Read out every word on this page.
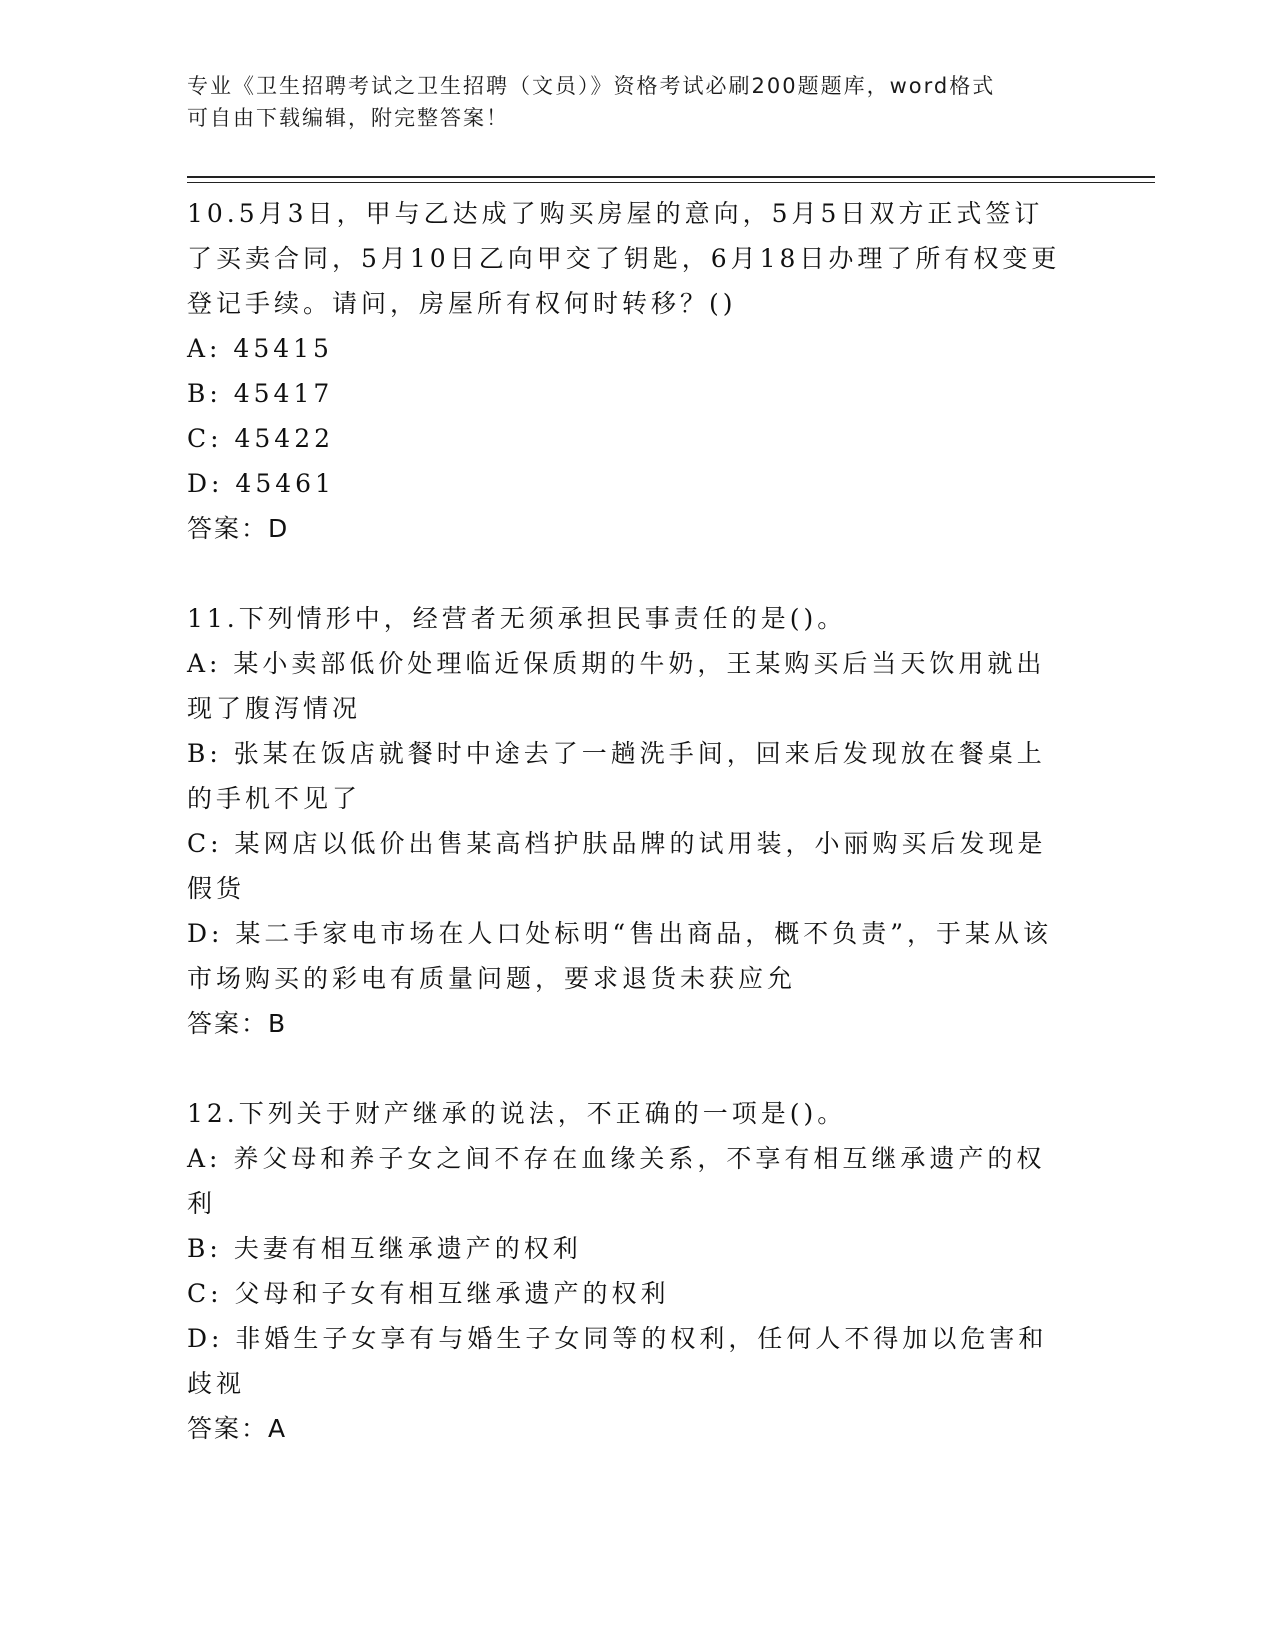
专业《卫生招聘考试之卫生招聘（文员）》资格考试必刷200题题库，word格式
可自由下载编辑，附完整答案！
10.5月3日，甲与乙达成了购买房屋的意向，5月5日双方正式签订了买卖合同，5月10日乙向甲交了钥匙，6月18日办理了所有权变更登记手续。请问，房屋所有权何时转移？()
A: 45415
B: 45417
C: 45422
D: 45461
答案：D
11.下列情形中，经营者无须承担民事责任的是()。
A: 某小卖部低价处理临近保质期的牛奶，王某购买后当天饮用就出现了腹泻情况
B: 张某在饭店就餐时中途去了一趟洗手间，回来后发现放在餐桌上的手机不见了
C: 某网店以低价出售某高档护肤品牌的试用装，小丽购买后发现是假货
D: 某二手家电市场在人口处标明“售出商品，概不负责”，于某从该市场购买的彩电有质量问题，要求退货未获应允
答案：B
12.下列关于财产继承的说法，不正确的一项是()。
A: 养父母和养子女之间不存在血缘关系，不享有相互继承遗产的权利
B: 夫妻有相互继承遗产的权利
C: 父母和子女有相互继承遗产的权利
D: 非婚生子女享有与婚生子女同等的权利，任何人不得加以危害和歧视
答案：A
